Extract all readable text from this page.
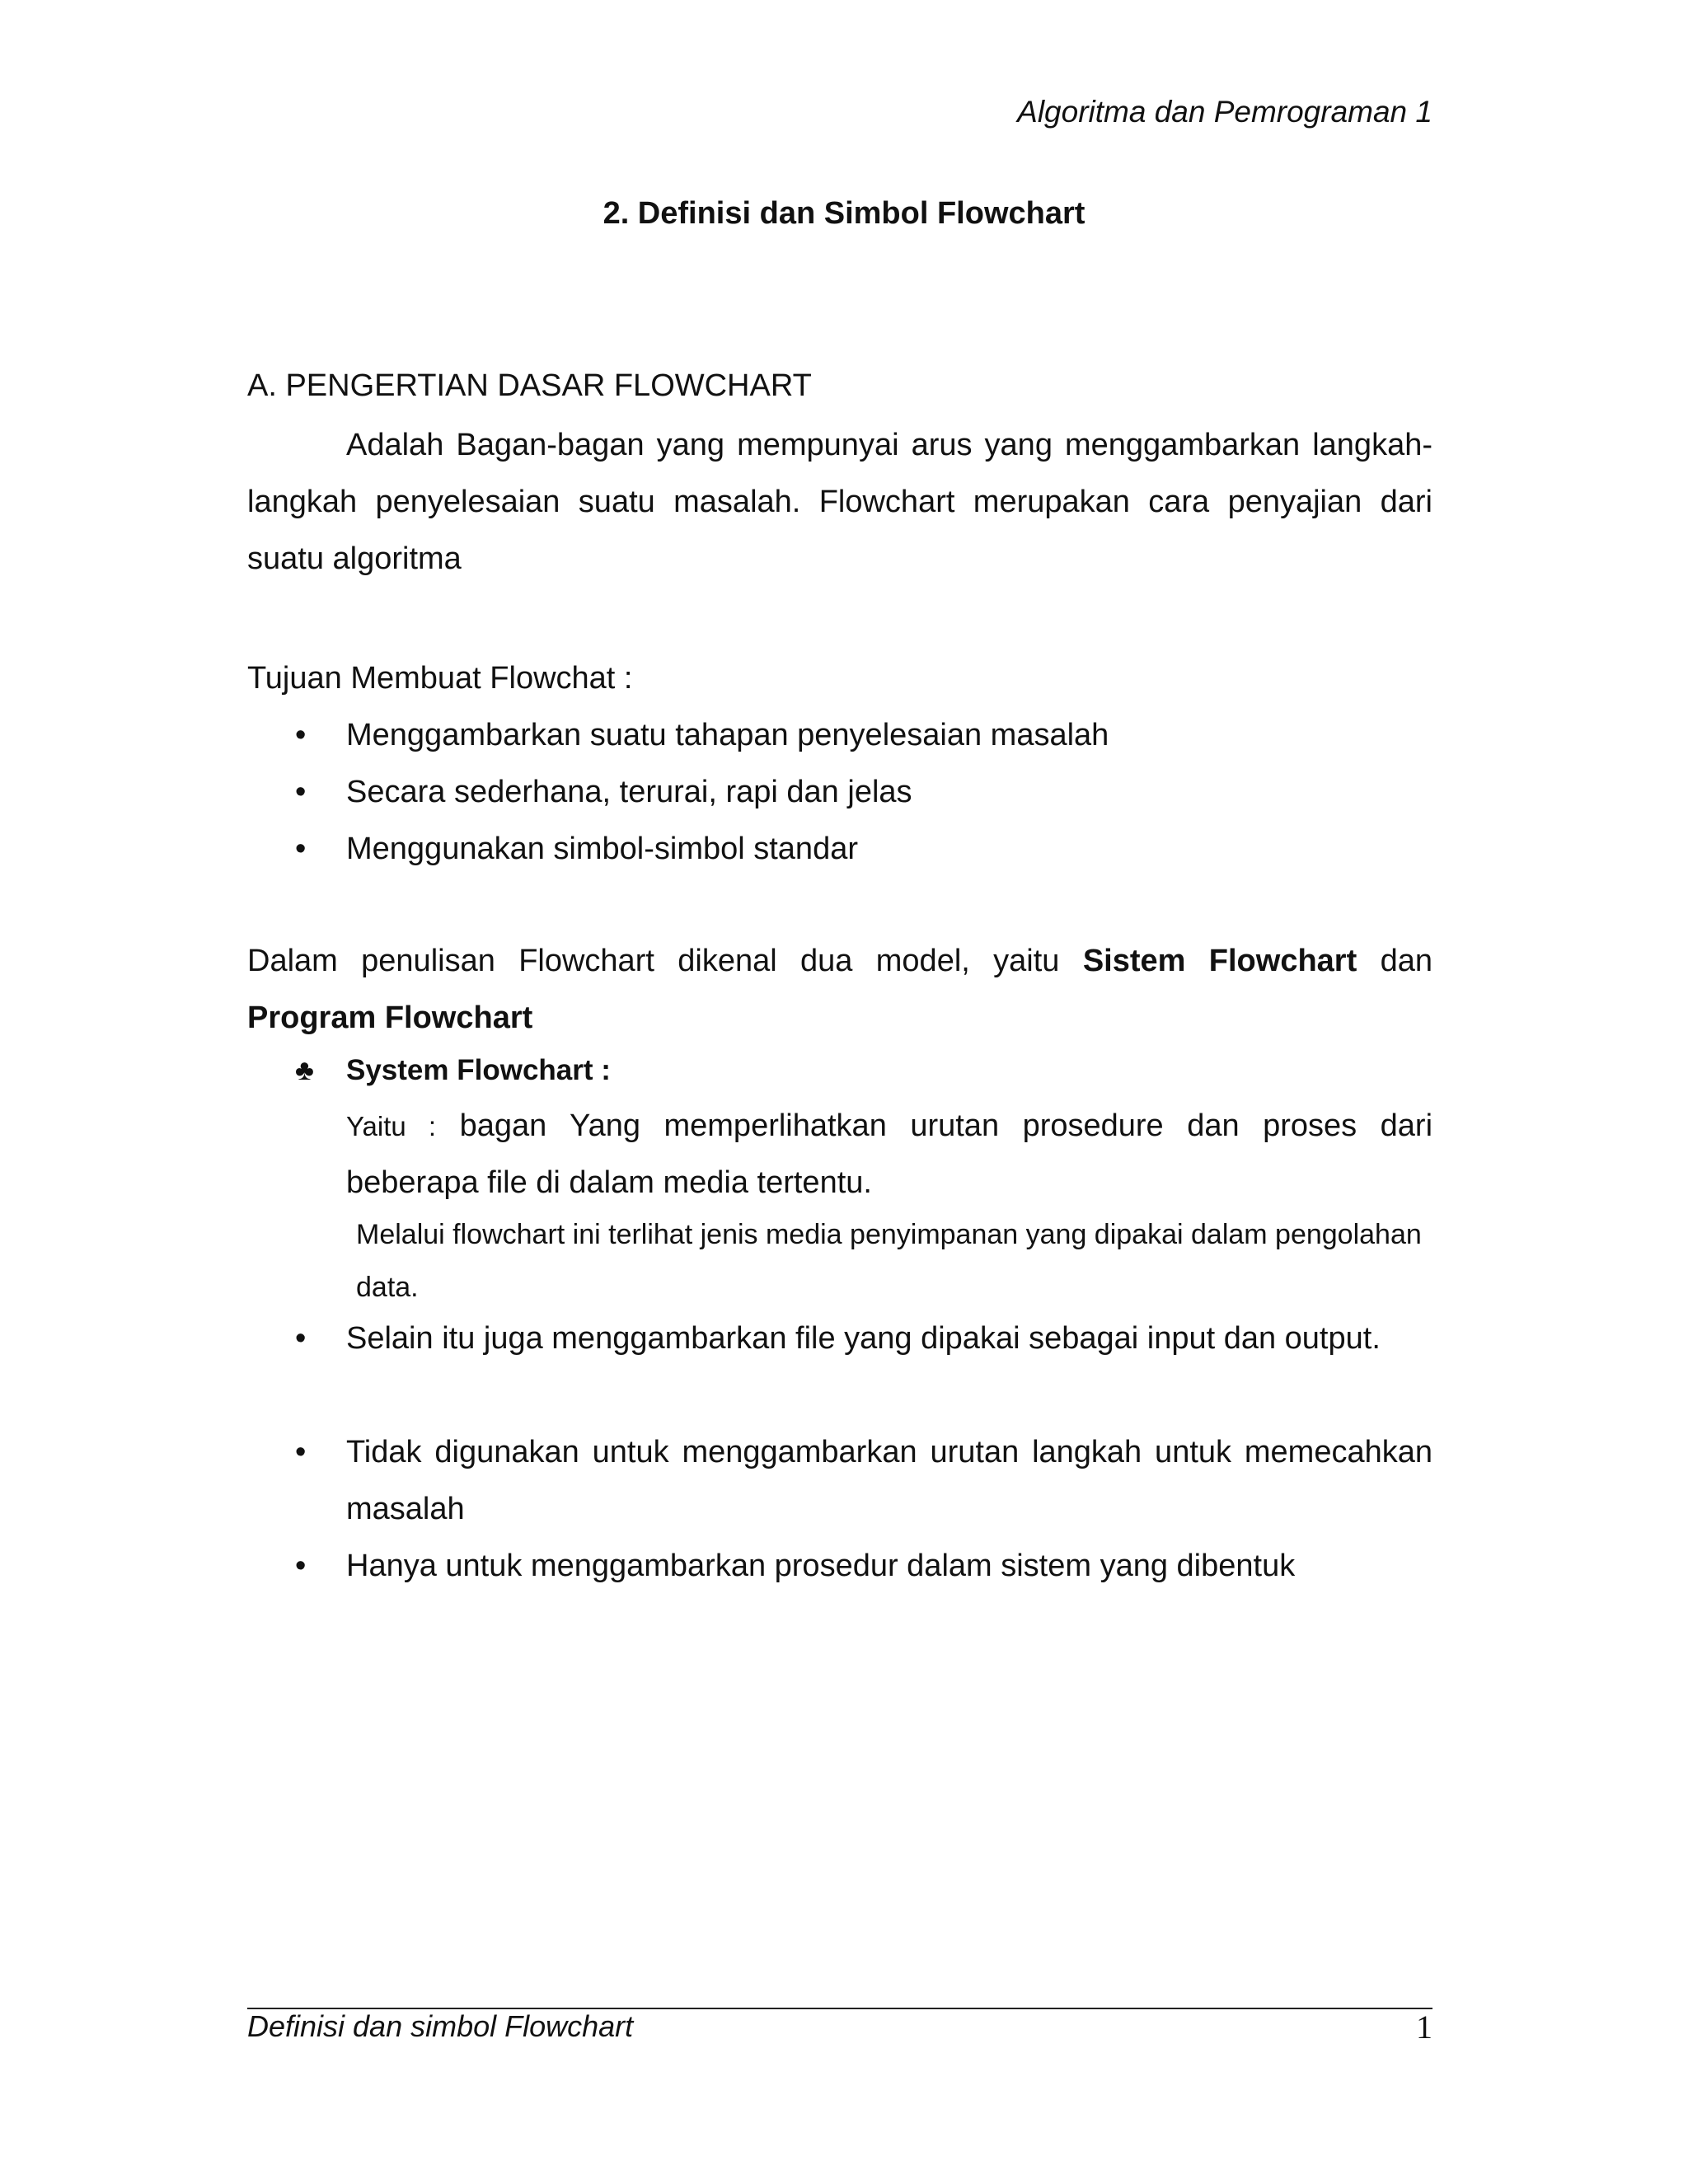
Algoritma dan Pemrograman 1
2. Definisi dan Simbol Flowchart
A. PENGERTIAN DASAR FLOWCHART
Adalah Bagan-bagan yang mempunyai arus yang menggambarkan langkah-langkah penyelesaian suatu masalah. Flowchart merupakan cara penyajian dari suatu algoritma
Tujuan Membuat Flowchat :
• Menggambarkan suatu tahapan penyelesaian masalah
• Secara sederhana, terurai, rapi dan jelas
• Menggunakan simbol-simbol standar
Dalam penulisan Flowchart dikenal dua model, yaitu Sistem Flowchart dan Program Flowchart
♣ System Flowchart :
Yaitu : bagan Yang memperlihatkan urutan prosedure dan proses dari beberapa file di dalam media tertentu.
Melalui flowchart ini terlihat jenis media penyimpanan yang dipakai dalam pengolahan data.
• Selain itu juga menggambarkan file yang dipakai sebagai input dan output.
• Tidak digunakan untuk menggambarkan urutan langkah untuk memecahkan masalah
• Hanya untuk menggambarkan prosedur dalam sistem yang dibentuk
Definisi dan simbol Flowchart	1
